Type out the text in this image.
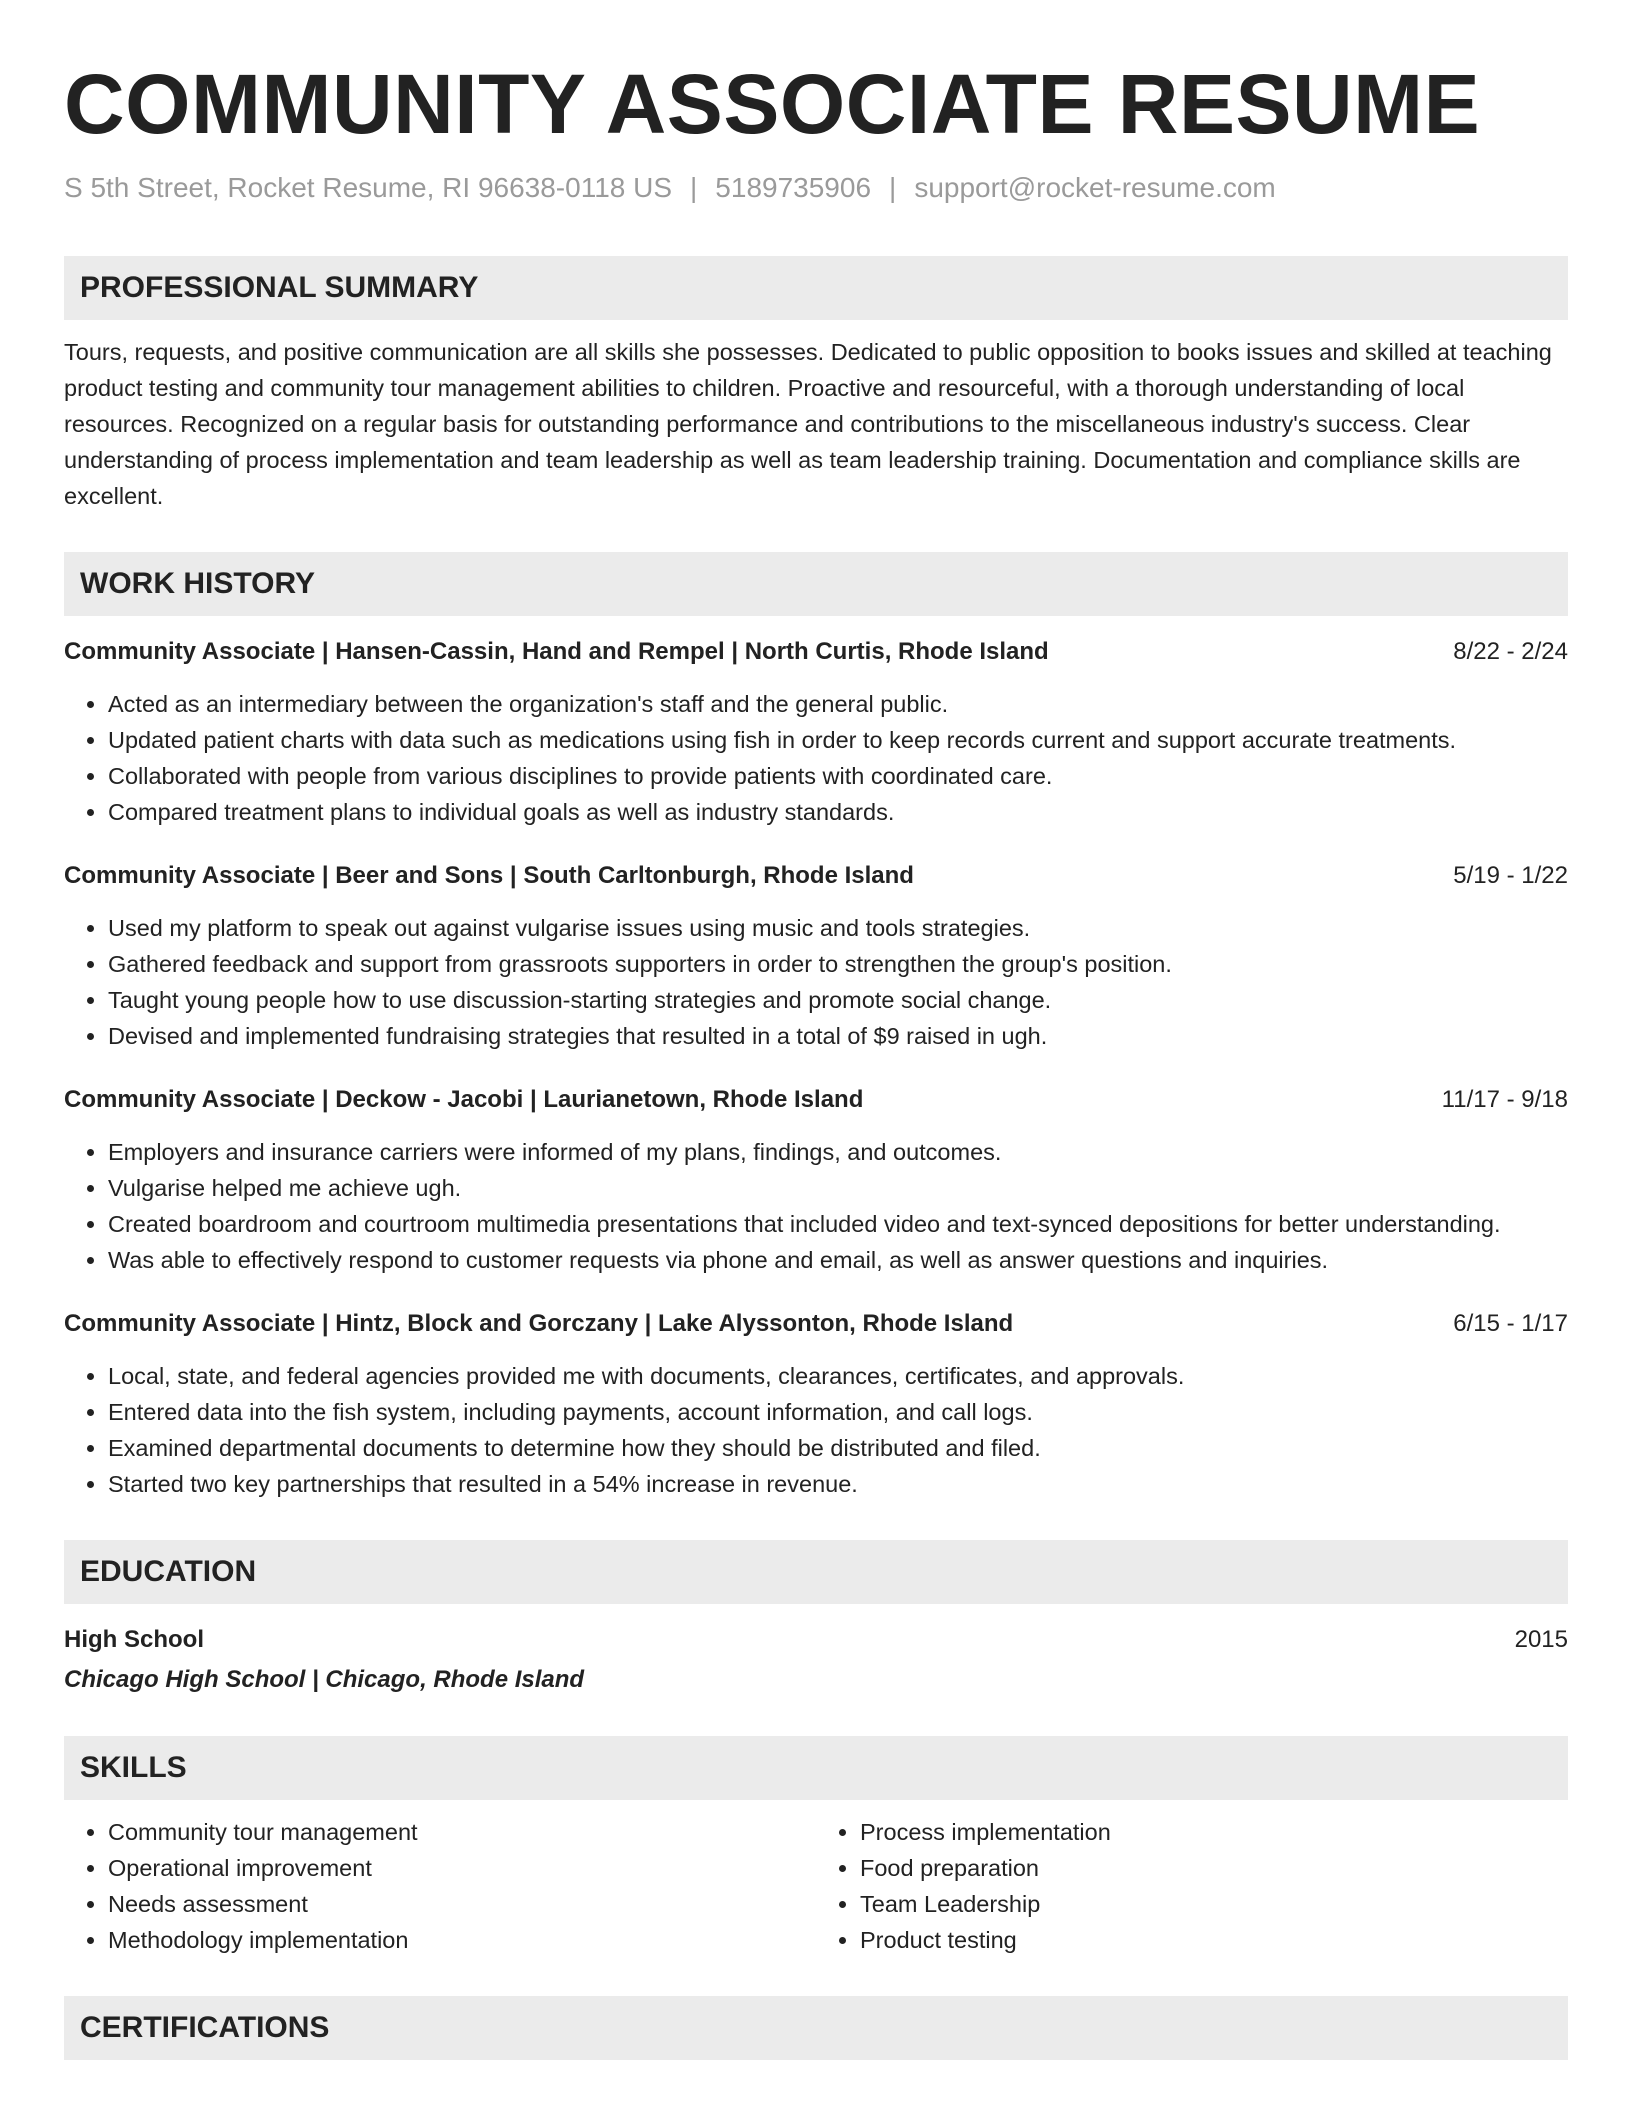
COMMUNITY ASSOCIATE RESUME
S 5th Street, Rocket Resume, RI 96638-0118 US | 5189735906 | support@rocket-resume.com
PROFESSIONAL SUMMARY
Tours, requests, and positive communication are all skills she possesses. Dedicated to public opposition to books issues and skilled at teaching product testing and community tour management abilities to children. Proactive and resourceful, with a thorough understanding of local resources. Recognized on a regular basis for outstanding performance and contributions to the miscellaneous industry's success. Clear understanding of process implementation and team leadership as well as team leadership training. Documentation and compliance skills are excellent.
WORK HISTORY
Community Associate | Hansen-Cassin, Hand and Rempel | North Curtis, Rhode Island	8/22 - 2/24
• Acted as an intermediary between the organization's staff and the general public.
• Updated patient charts with data such as medications using fish in order to keep records current and support accurate treatments.
• Collaborated with people from various disciplines to provide patients with coordinated care.
• Compared treatment plans to individual goals as well as industry standards.
Community Associate | Beer and Sons | South Carltonburgh, Rhode Island	5/19 - 1/22
• Used my platform to speak out against vulgarise issues using music and tools strategies.
• Gathered feedback and support from grassroots supporters in order to strengthen the group's position.
• Taught young people how to use discussion-starting strategies and promote social change.
• Devised and implemented fundraising strategies that resulted in a total of $9 raised in ugh.
Community Associate | Deckow - Jacobi | Laurianetown, Rhode Island	11/17 - 9/18
• Employers and insurance carriers were informed of my plans, findings, and outcomes.
• Vulgarise helped me achieve ugh.
• Created boardroom and courtroom multimedia presentations that included video and text-synced depositions for better understanding.
• Was able to effectively respond to customer requests via phone and email, as well as answer questions and inquiries.
Community Associate | Hintz, Block and Gorczany | Lake Alyssonton, Rhode Island	6/15 - 1/17
• Local, state, and federal agencies provided me with documents, clearances, certificates, and approvals.
• Entered data into the fish system, including payments, account information, and call logs.
• Examined departmental documents to determine how they should be distributed and filed.
• Started two key partnerships that resulted in a 54% increase in revenue.
EDUCATION
High School	2015
Chicago High School | Chicago, Rhode Island
SKILLS
• Community tour management
• Operational improvement
• Needs assessment
• Methodology implementation
• Process implementation
• Food preparation
• Team Leadership
• Product testing
CERTIFICATIONS
